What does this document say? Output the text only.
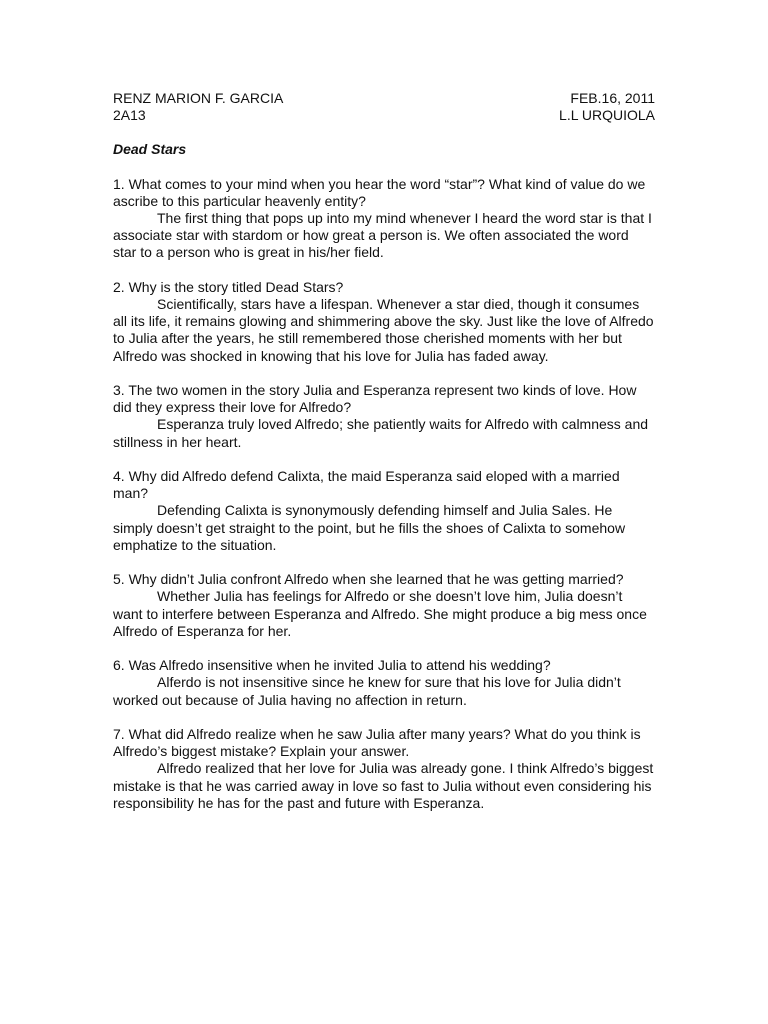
RENZ MARION F. GARCIA
2A13
FEB.16, 2011
L.L URQUIOLA
Dead Stars
1. What comes to your mind when you hear the word “star”? What kind of value do we ascribe to this particular heavenly entity?
The first thing that pops up into my mind whenever I heard the word star is that I associate star with stardom or how great a person is. We often associated the word star to a person who is great in his/her field.
2. Why is the story titled Dead Stars?
Scientifically, stars have a lifespan. Whenever a star died, though it consumes all its life, it remains glowing and shimmering above the sky. Just like the love of Alfredo to Julia after the years, he still remembered those cherished moments with her but Alfredo was shocked in knowing that his love for Julia has faded away.
3. The two women in the story Julia and Esperanza represent two kinds of love. How did they express their love for Alfredo?
Esperanza truly loved Alfredo; she patiently waits for Alfredo with calmness and stillness in her heart.
4. Why did Alfredo defend Calixta, the maid Esperanza said eloped with a married man?
Defending Calixta is synonymously defending himself and Julia Sales. He simply doesn’t get straight to the point, but he fills the shoes of Calixta to somehow emphatize to the situation.
5. Why didn’t Julia confront Alfredo when she learned that he was getting married?
Whether Julia has feelings for Alfredo or she doesn’t love him, Julia doesn’t want to interfere between Esperanza and Alfredo. She might produce a big mess once Alfredo of Esperanza for her.
6. Was Alfredo insensitive when he invited Julia to attend his wedding?
Alferdo is not insensitive since he knew for sure that his love for Julia didn’t worked out because of Julia having no affection in return.
7. What did Alfredo realize when he saw Julia after many years? What do you think is Alfredo’s biggest mistake? Explain your answer.
Alfredo realized that her love for Julia was already gone. I think Alfredo’s biggest mistake is that he was carried away in love so fast to Julia without even considering his responsibility he has for the past and future with Esperanza.
